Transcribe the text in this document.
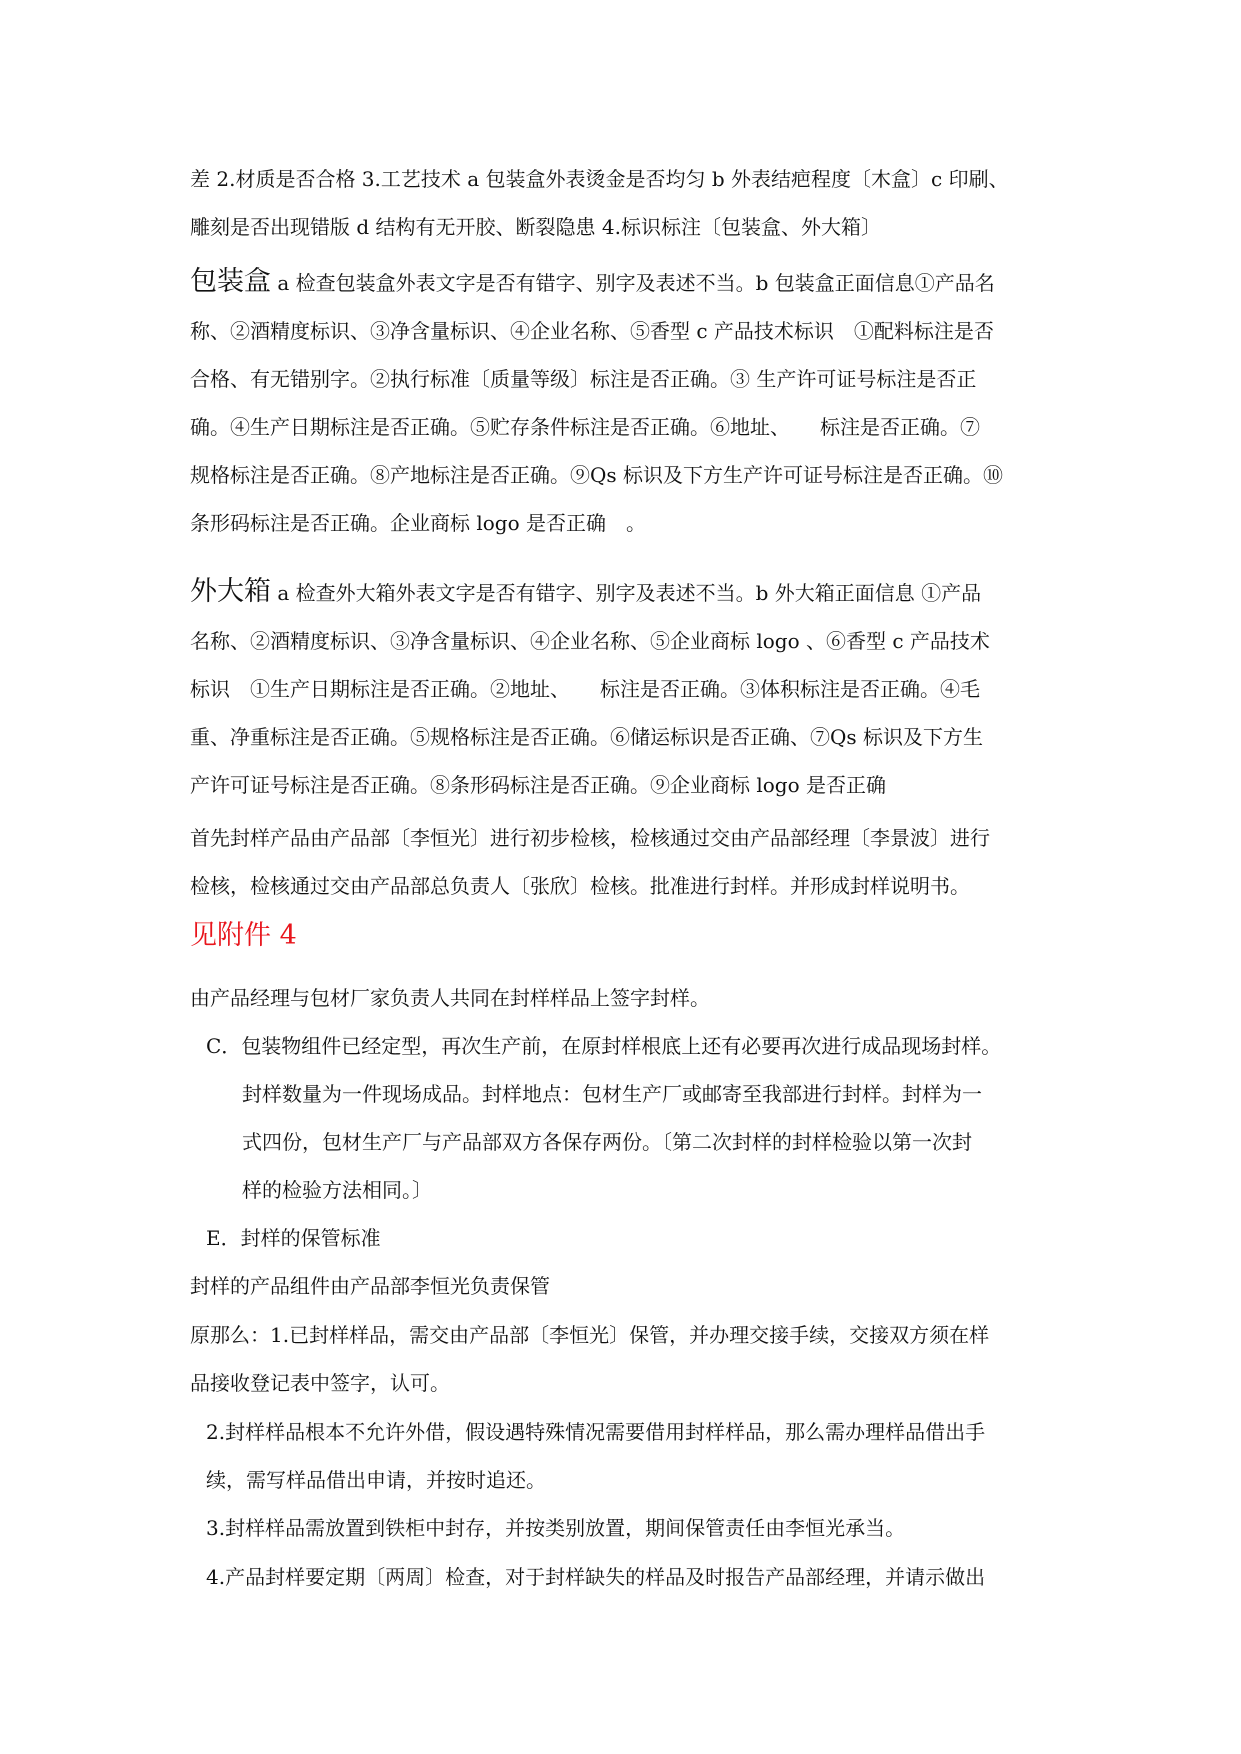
差 2.材质是否合格 3.工艺技术 a 包装盒外表烫金是否均匀 b 外表结疤程度〔木盒〕c 印刷、
雕刻是否出现错版 d 结构有无开胶、断裂隐患 4.标识标注〔包装盒、外大箱〕
包装盒 a 检查包装盒外表文字是否有错字、别字及表述不当。b 包装盒正面信息①产品名
称、②酒精度标识、③净含量标识、④企业名称、⑤香型 c 产品技术标识　①配料标注是否
合格、有无错别字。②执行标准〔质量等级〕标注是否正确。③ 生产许可证号标注是否正
确。④生产日期标注是否正确。⑤贮存条件标注是否正确。⑥地址、　　标注是否正确。⑦
规格标注是否正确。⑧产地标注是否正确。⑨Qs 标识及下方生产许可证号标注是否正确。⑩
条形码标注是否正确。企业商标 logo 是否正确　。
外大箱 a 检查外大箱外表文字是否有错字、别字及表述不当。b 外大箱正面信息 ①产品
名称、②酒精度标识、③净含量标识、④企业名称、⑤企业商标 logo 、⑥香型 c 产品技术
标识　①生产日期标注是否正确。②地址、　　标注是否正确。③体积标注是否正确。④毛
重、净重标注是否正确。⑤规格标注是否正确。⑥储运标识是否正确、⑦Qs 标识及下方生
产许可证号标注是否正确。⑧条形码标注是否正确。⑨企业商标 logo 是否正确
首先封样产品由产品部〔李恒光〕进行初步检核，检核通过交由产品部经理〔李景波〕进行
检核，检核通过交由产品部总负责人〔张欣〕检核。批准进行封样。并形成封样说明书。
见附件 4
由产品经理与包材厂家负责人共同在封样样品上签字封样。
C．包装物组件已经定型，再次生产前，在原封样根底上还有必要再次进行成品现场封样。
封样数量为一件现场成品。封样地点：包材生产厂或邮寄至我部进行封样。封样为一
式四份，包材生产厂与产品部双方各保存两份。〔第二次封样的封样检验以第一次封
样的检验方法相同。〕
E．封样的保管标准
封样的产品组件由产品部李恒光负责保管
原那么：1.已封样样品，需交由产品部〔李恒光〕保管，并办理交接手续，交接双方须在样
品接收登记表中签字，认可。
2.封样样品根本不允许外借，假设遇特殊情况需要借用封样样品，那么需办理样品借出手
续，需写样品借出申请，并按时追还。
3.封样样品需放置到铁柜中封存，并按类别放置，期间保管责任由李恒光承当。
4.产品封样要定期〔两周〕检查，对于封样缺失的样品及时报告产品部经理，并请示做出
